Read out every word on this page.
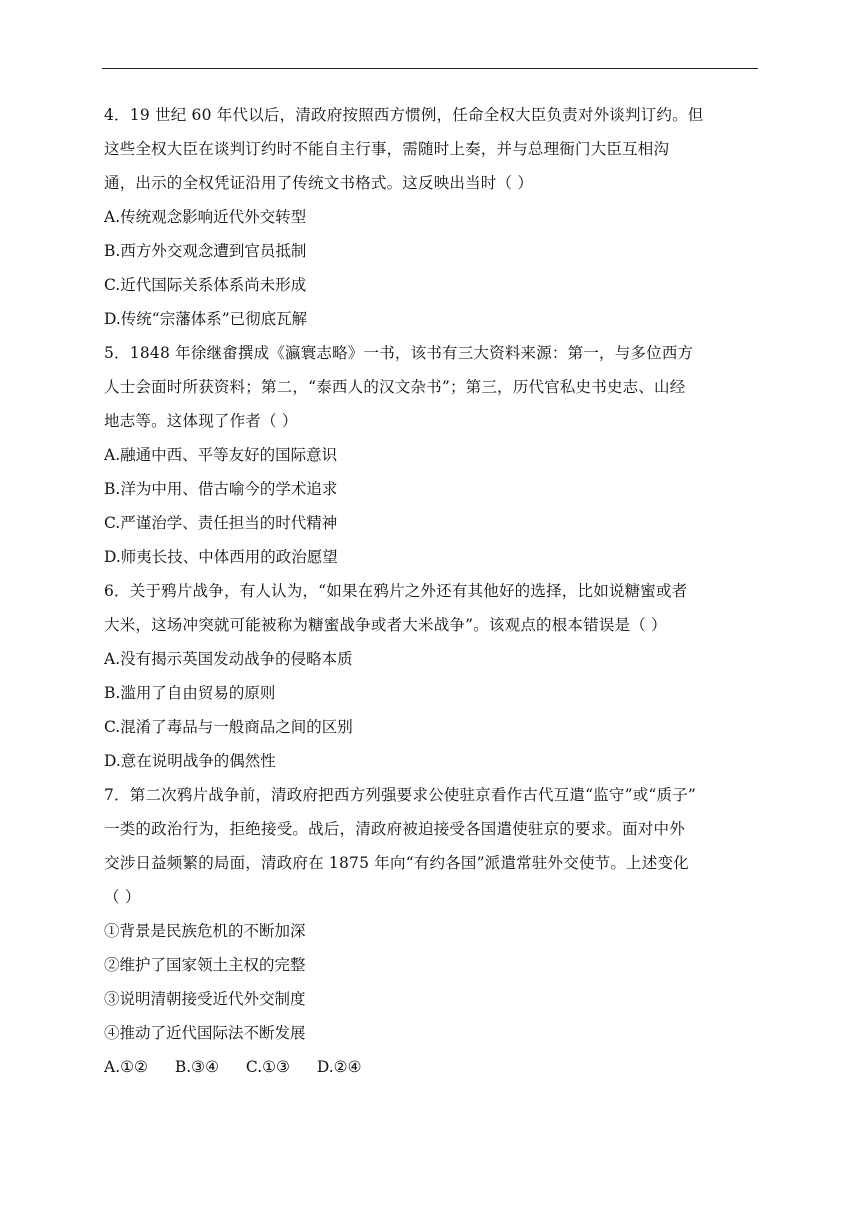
4．19 世纪 60 年代以后，清政府按照西方惯例，任命全权大臣负责对外谈判订约。但
这些全权大臣在谈判订约时不能自主行事，需随时上奏，并与总理衙门大臣互相沟
通，出示的全权凭证沿用了传统文书格式。这反映出当时（ ）
A.传统观念影响近代外交转型
B.西方外交观念遭到官员抵制
C.近代国际关系体系尚未形成
D.传统“宗藩体系”已彻底瓦解
5．1848 年徐继畬撰成《瀛寰志略》一书，该书有三大资料来源：第一，与多位西方
人士会面时所获资料；第二，“泰西人的汉文杂书”；第三，历代官私史书史志、山经
地志等。这体现了作者（ ）
A.融通中西、平等友好的国际意识
B.洋为中用、借古喻今的学术追求
C.严谨治学、责任担当的时代精神
D.师夷长技、中体西用的政治愿望
6．关于鸦片战争，有人认为，“如果在鸦片之外还有其他好的选择，比如说糖蜜或者
大米，这场冲突就可能被称为糖蜜战争或者大米战争”。该观点的根本错误是（ ）
A.没有揭示英国发动战争的侵略本质
B.滥用了自由贸易的原则
C.混淆了毒品与一般商品之间的区别
D.意在说明战争的偶然性
7．第二次鸦片战争前，清政府把西方列强要求公使驻京看作古代互遣“监守”或“质子”
一类的政治行为，拒绝接受。战后，清政府被迫接受各国遣使驻京的要求。面对中外
交涉日益频繁的局面，清政府在 1875 年向“有约各国”派遣常驻外交使节。上述变化
（ ）
①背景是民族危机的不断加深
②维护了国家领土主权的完整
③说明清朝接受近代外交制度
④推动了近代国际法不断发展
A.①② B.③④ C.①③ D.②④
